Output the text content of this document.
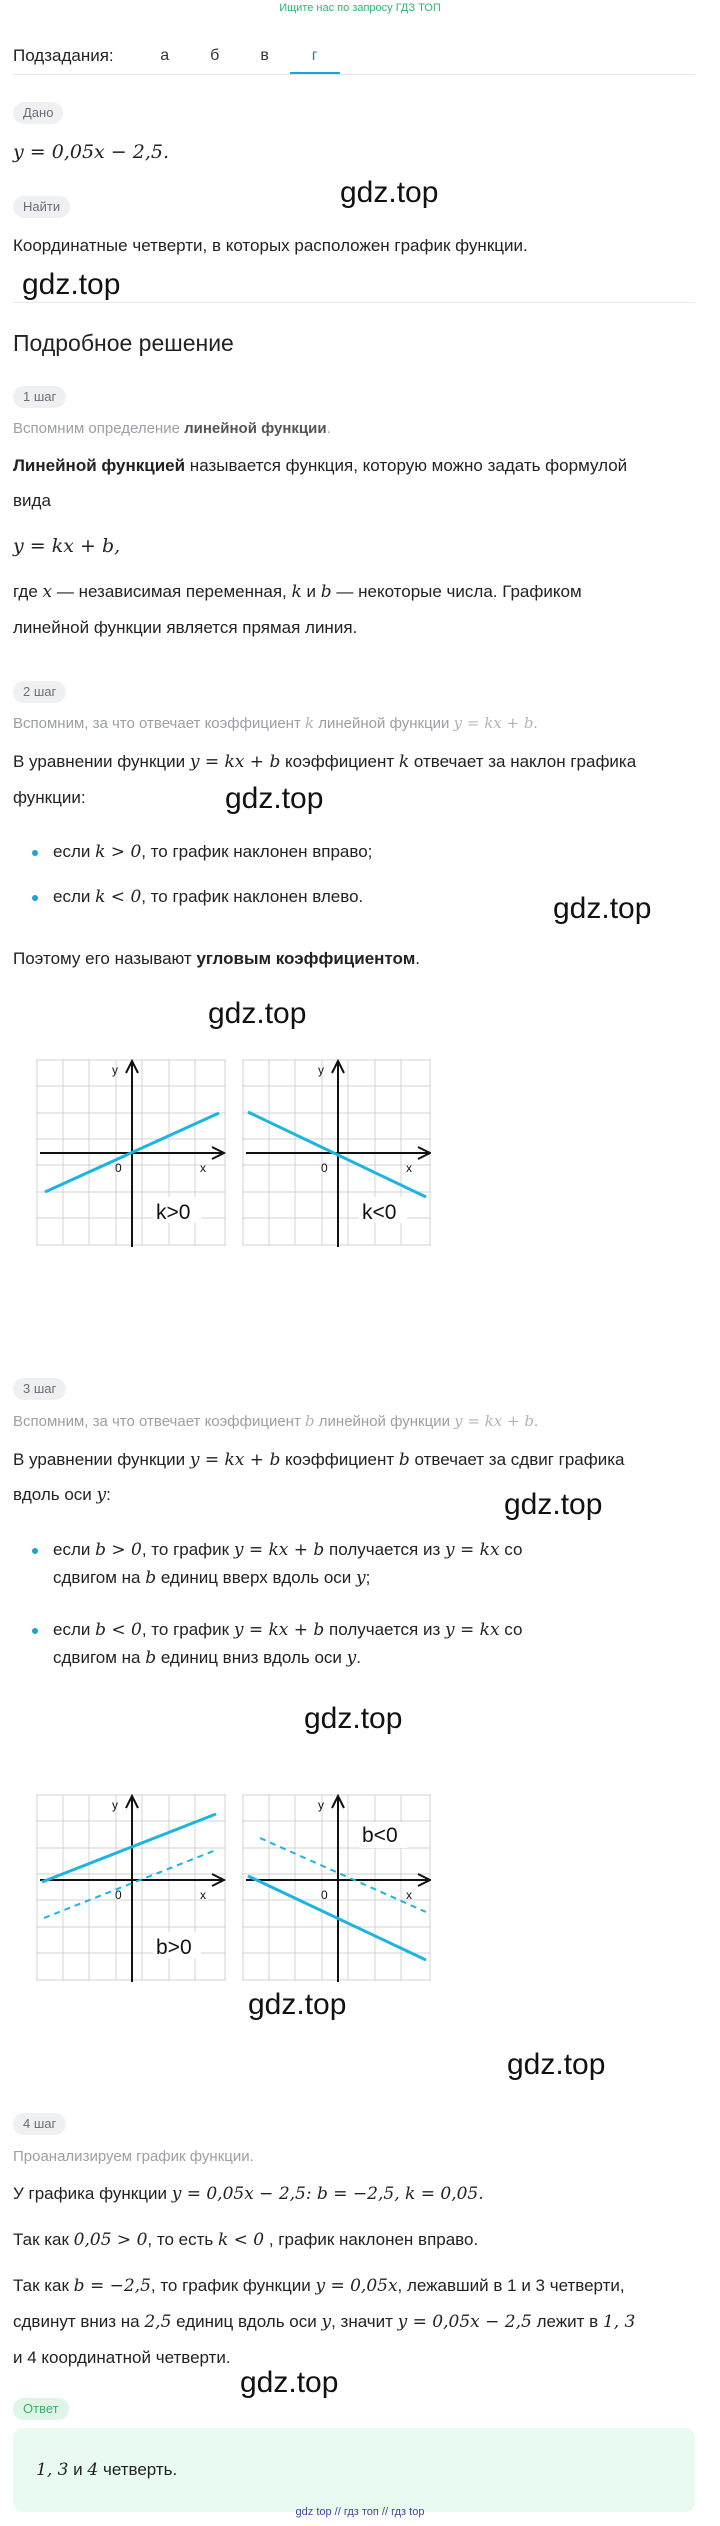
Ищите нас по запросу ГДЗ ТОП
Подзадания:	а	б	в	г
Дано
y = 0,05x − 2,5.
Найти	gdz.top
Координатные четверти, в которых расположен график функции.
gdz.top
Подробное решение
1 шаг
Вспомним определение линейной функции.
Линейной функцией называется функция, которую можно задать формулой
вида
y = kx + b,
где x — независимая переменная, k и b — некоторые числа. Графиком
линейной функции является прямая линия.
2 шаг
Вспомним, за что отвечает коэффициент k линейной функции y = kx + b.
В уравнении функции y = kx + b коэффициент k отвечает за наклон графика
функции:	gdz.top
если k > 0, то график наклонен вправо;
если k < 0, то график наклонен влево.	gdz.top
Поэтому его называют угловым коэффициентом.
gdz.top
y
x
0
k>0
y
x
0
k<0
3 шаг
Вспомним, за что отвечает коэффициент b линейной функции y = kx + b.
В уравнении функции y = kx + b коэффициент b отвечает за сдвиг графика
вдоль оси y:	gdz.top
если b > 0, то график y = kx + b получается из y = kx со
сдвигом на b единиц вверх вдоль оси y;
если b < 0, то график y = kx + b получается из y = kx со
сдвигом на b единиц вниз вдоль оси y.
gdz.top
y
x
0
b>0
y
x
0
b<0
gdz.top
gdz.top
4 шаг
Проанализируем график функции.
У графика функции y = 0,05x − 2,5: b = −2,5, k = 0,05.
Так как 0,05 > 0, то есть k < 0 , график наклонен вправо.
Так как b = −2,5, то график функции y = 0,05x, лежавший в 1 и 3 четверти,
сдвинут вниз на 2,5 единиц вдоль оси y, значит y = 0,05x − 2,5 лежит в 1, 3
и 4 координатной четверти.
gdz.top
Ответ
1, 3 и 4 четверть.
gdz top // гдз топ // гдз top
